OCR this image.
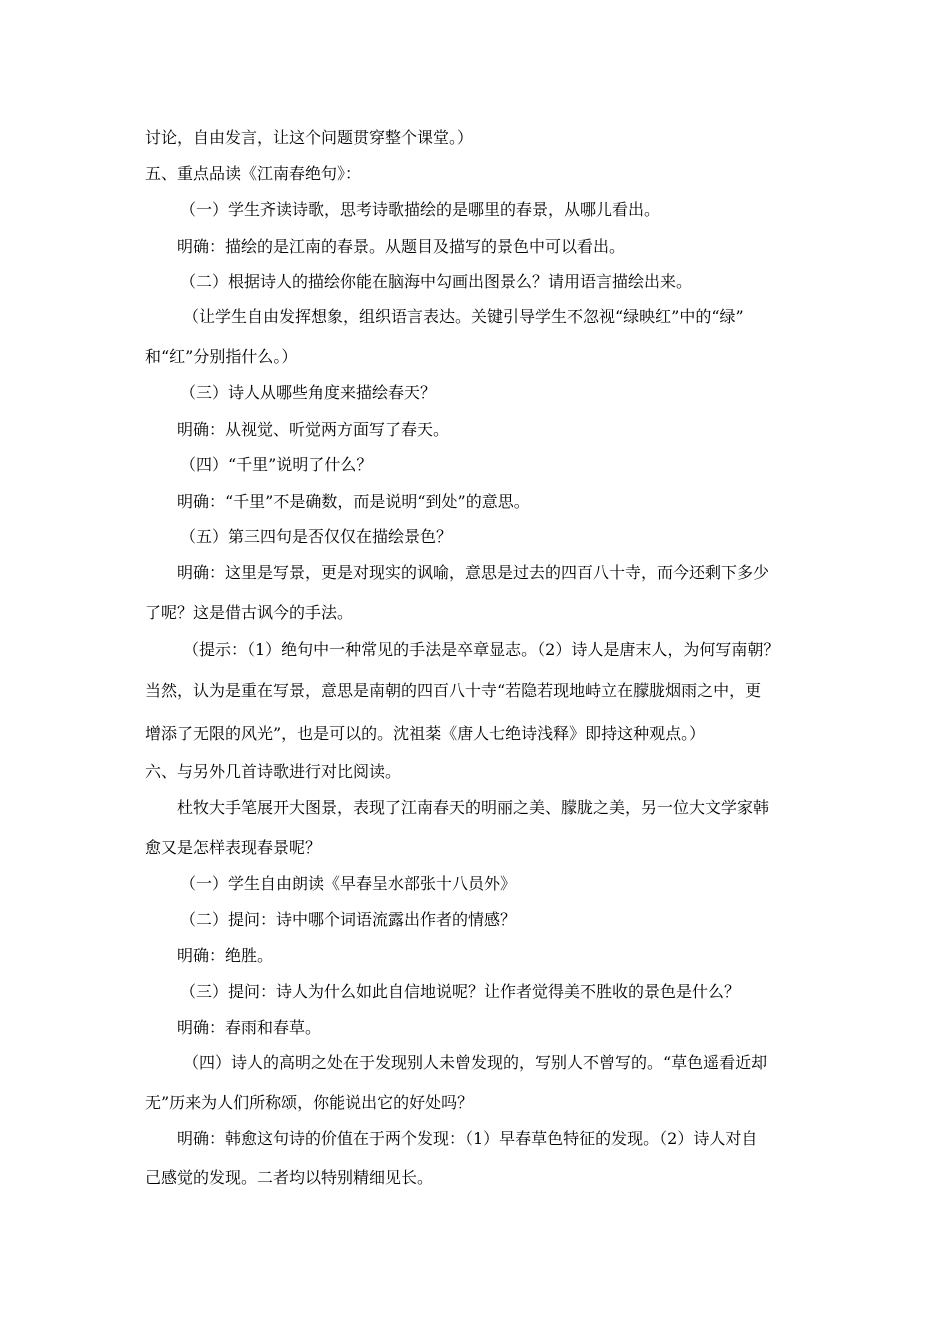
讨论，自由发言，让这个问题贯穿整个课堂。）
五、重点品读《江南春绝句》：
（一）学生齐读诗歌，思考诗歌描绘的是哪里的春景，从哪儿看出。
明确：描绘的是江南的春景。从题目及描写的景色中可以看出。
（二）根据诗人的描绘你能在脑海中勾画出图景么？请用语言描绘出来。
（让学生自由发挥想象，组织语言表达。关键引导学生不忽视“绿映红”中的“绿”
和“红”分别指什么。）
（三）诗人从哪些角度来描绘春天？
明确：从视觉、听觉两方面写了春天。
（四）“千里”说明了什么？
明确：“千里”不是确数，而是说明“到处”的意思。
（五）第三四句是否仅仅在描绘景色？
明确：这里是写景，更是对现实的讽喻，意思是过去的四百八十寺，而今还剩下多少
了呢？这是借古讽今的手法。
（提示：（1）绝句中一种常见的手法是卒章显志。（2）诗人是唐末人，为何写南朝？
当然，认为是重在写景，意思是南朝的四百八十寺“若隐若现地峙立在朦胧烟雨之中，更
增添了无限的风光”，也是可以的。沈祖棻《唐人七绝诗浅释》即持这种观点。）
六、与另外几首诗歌进行对比阅读。
杜牧大手笔展开大图景，表现了江南春天的明丽之美、朦胧之美，另一位大文学家韩
愈又是怎样表现春景呢？
（一）学生自由朗读《早春呈水部张十八员外》
（二）提问：诗中哪个词语流露出作者的情感？
明确：绝胜。
（三）提问：诗人为什么如此自信地说呢？让作者觉得美不胜收的景色是什么？
明确：春雨和春草。
（四）诗人的高明之处在于发现别人未曾发现的，写别人不曾写的。“草色遥看近却
无”历来为人们所称颂，你能说出它的好处吗？
明确：韩愈这句诗的价值在于两个发现：（1）早春草色特征的发现。（2）诗人对自
己感觉的发现。二者均以特别精细见长。
